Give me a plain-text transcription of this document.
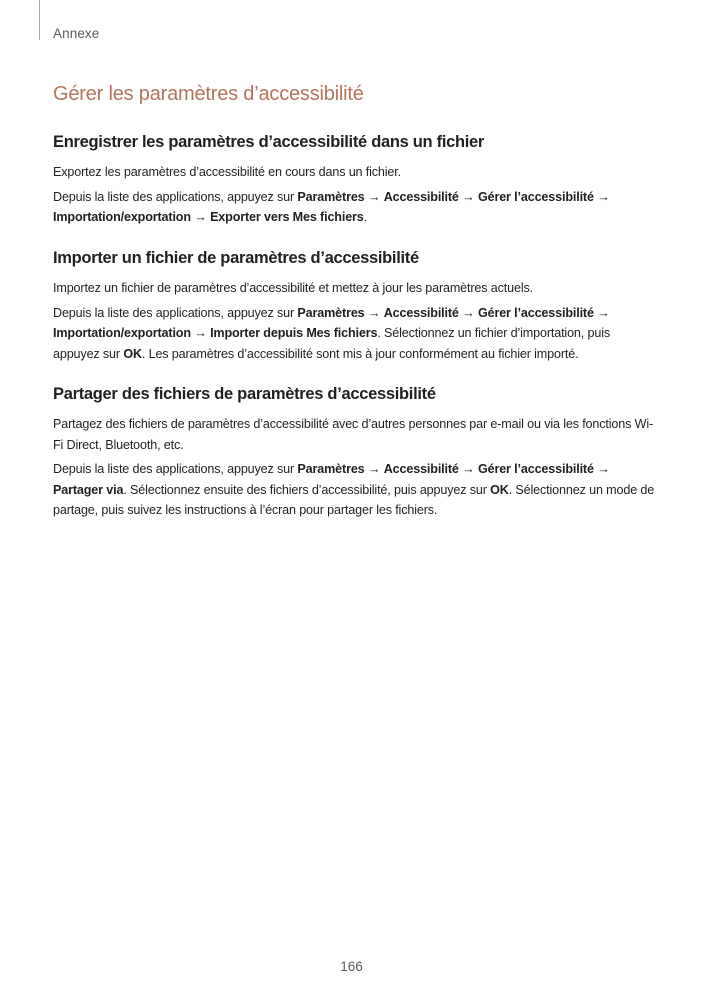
Annexe
Gérer les paramètres d’accessibilité
Enregistrer les paramètres d’accessibilité dans un fichier

Exportez les paramètres d’accessibilité en cours dans un fichier.

Depuis la liste des applications, appuyez sur Paramètres → Accessibilité → Gérer l’accessibilité → Importation/exportation → Exporter vers Mes fichiers.

Importer un fichier de paramètres d’accessibilité

Importez un fichier de paramètres d’accessibilité et mettez à jour les paramètres actuels.

Depuis la liste des applications, appuyez sur Paramètres → Accessibilité → Gérer l’accessibilité → Importation/exportation → Importer depuis Mes fichiers. Sélectionnez un fichier d’importation, puis appuyez sur OK. Les paramètres d’accessibilité sont mis à jour conformément au fichier importé.

Partager des fichiers de paramètres d’accessibilité

Partagez des fichiers de paramètres d’accessibilité avec d’autres personnes par e-mail ou via les fonctions Wi-Fi Direct, Bluetooth, etc.

Depuis la liste des applications, appuyez sur Paramètres → Accessibilité → Gérer l’accessibilité → Partager via. Sélectionnez ensuite des fichiers d’accessibilité, puis appuyez sur OK. Sélectionnez un mode de partage, puis suivez les instructions à l’écran pour partager les fichiers.

166
